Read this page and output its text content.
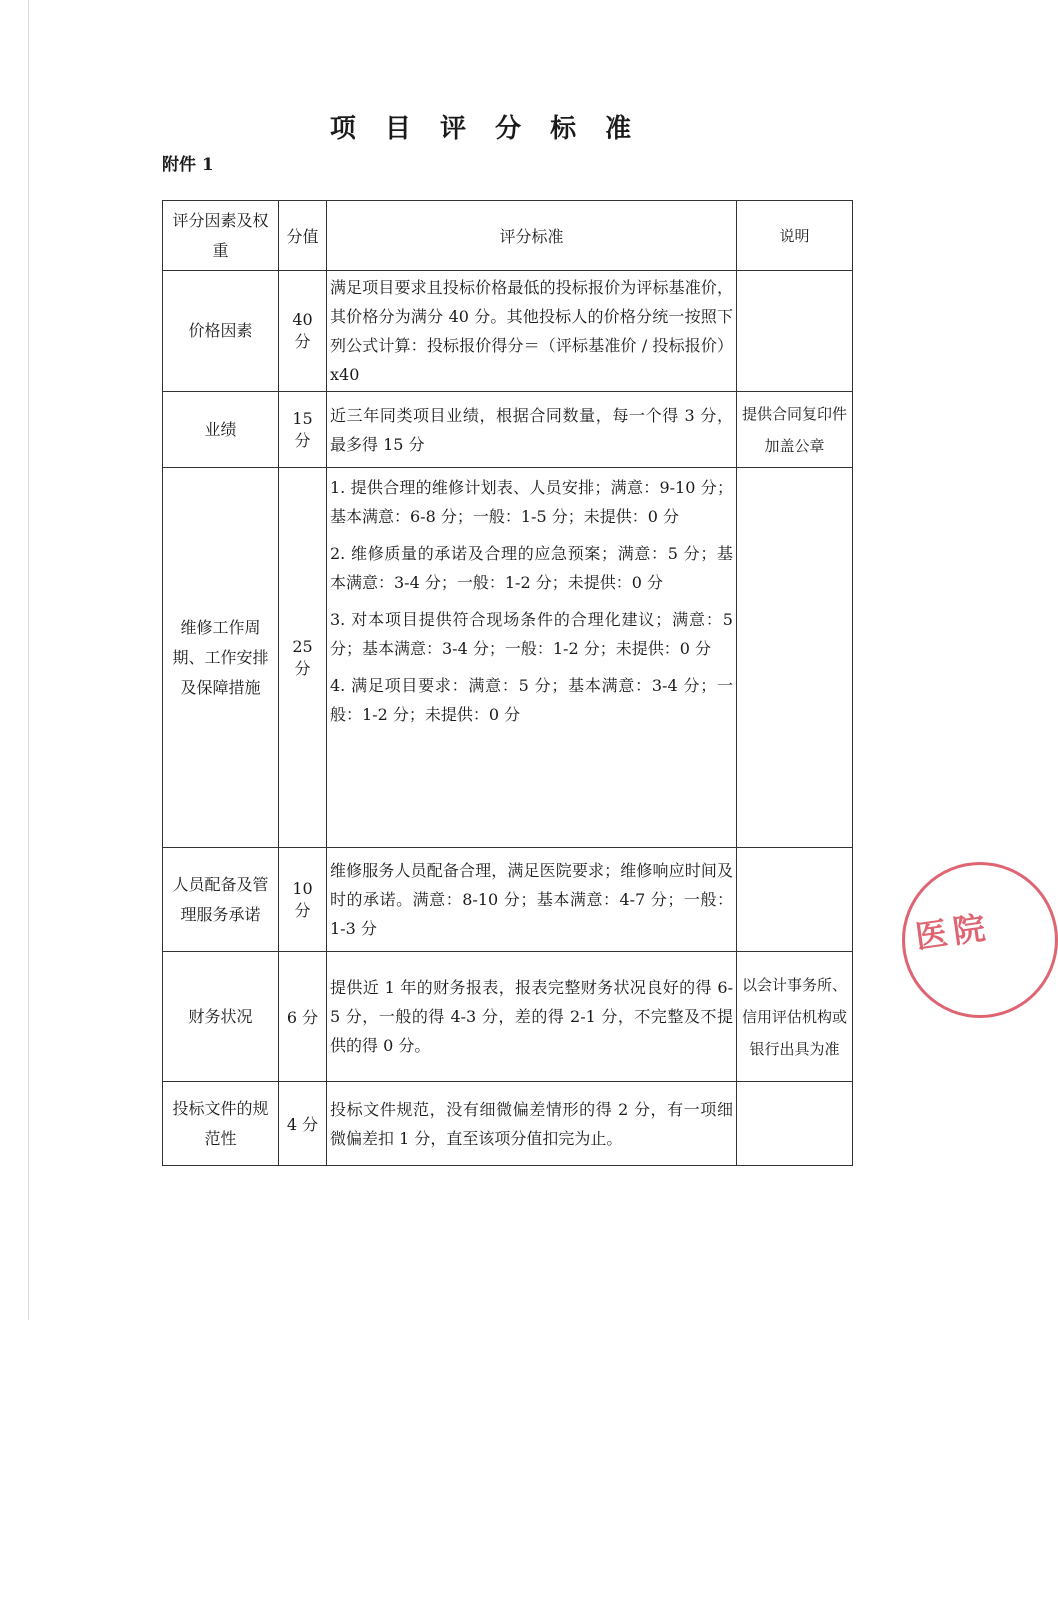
项 目 评 分 标 准
附件 1
评分因素及权重	分值	评分标准	说明
价格因素	40 分	满足项目要求且投标价格最低的投标报价为评标基准价，其价格分为满分 40 分。其他投标人的价格分统一按照下列公式计算：投标报价得分＝（评标基准价 / 投标报价）x40	

业绩	15 分	近三年同类项目业绩，根据合同数量，每一个得 3 分，最多得 15 分	提供合同复印件加盖公章
维修工作周期、工作安排及保障措施	25 分	1. 提供合理的维修计划表、人员安排；满意：9-10 分；基本满意：6-8 分；一般：1-5 分；未提供：0 分
2. 维修质量的承诺及合理的应急预案；满意：5 分；基本满意：3-4 分；一般：1-2 分；未提供：0 分
3. 对本项目提供符合现场条件的合理化建议；满意：5 分；基本满意：3-4 分；一般：1-2 分；未提供：0 分
4. 满足项目要求：满意：5 分；基本满意：3-4 分；一般：1-2 分；未提供：0 分	

人员配备及管理服务承诺	10 分	维修服务人员配备合理，满足医院要求；维修响应时间及时的承诺。满意：8-10 分；基本满意：4-7 分；一般：1-3 分	

财务状况	6 分	提供近 1 年的财务报表，报表完整财务状况良好的得 6-5 分，一般的得 4-3 分，差的得 2-1 分，不完整及不提供的得 0 分。	以会计事务所、信用评估机构或银行出具为准
投标文件的规范性	4 分	投标文件规范，没有细微偏差情形的得 2 分，有一项细微偏差扣 1 分，直至该项分值扣完为止。	

医院
